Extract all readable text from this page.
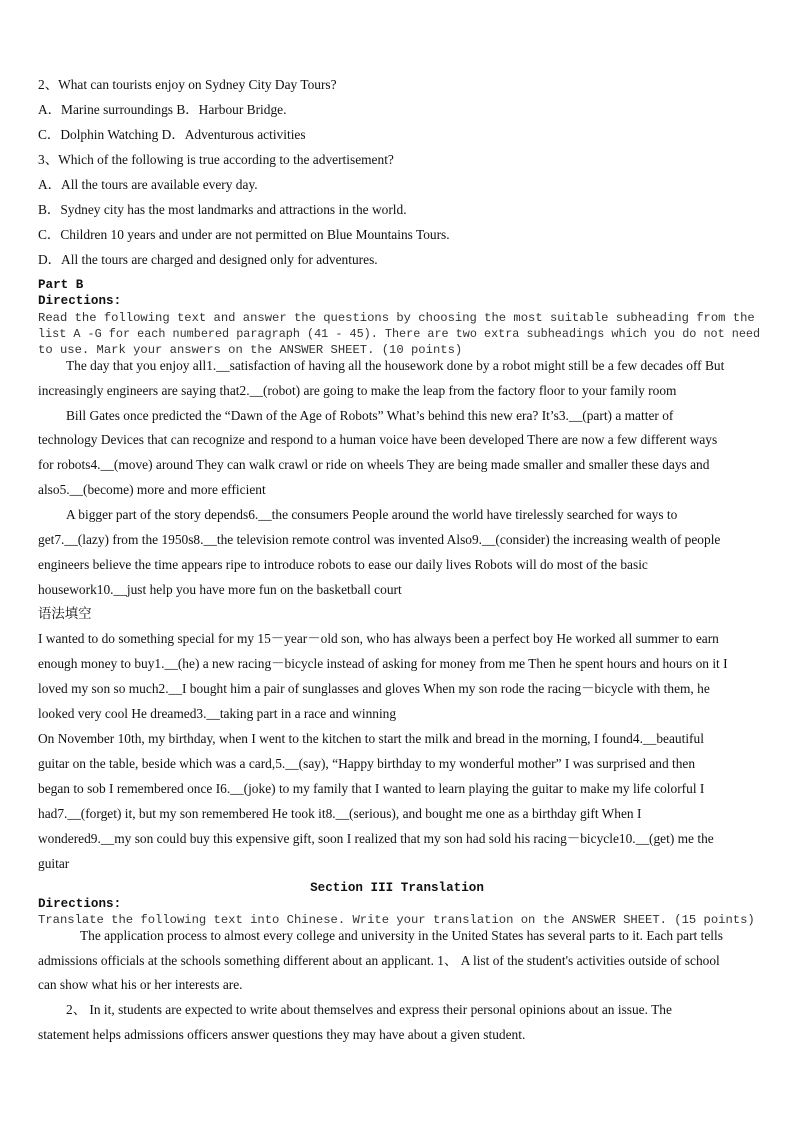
2、What can tourists enjoy on Sydney City Day Tours?
A．Marine surroundings B．Harbour Bridge.
C．Dolphin Watching D．Adventurous activities
3、Which of the following is true according to the advertisement?
A．All the tours are available every day.
B．Sydney city has the most landmarks and attractions in the world.
C．Children 10 years and under are not permitted on Blue Mountains Tours.
D．All the tours are charged and designed only for adventures.
Part B
Directions:
Read the following text and answer the questions by choosing the most suitable subheading from the
list A -G for each numbered paragraph (41 - 45). There are two extra subheadings which you do not need
to use. Mark your answers on the ANSWER SHEET. (10 points)
The day that you enjoy all1.__satisfaction of having all the housework done by a robot might still be a few decades off But
increasingly engineers are saying that2.__(robot) are going to make the leap from the factory floor to your family room
Bill Gates once predicted the “Dawn of the Age of Robots” What’s behind this new era? It’s3.__(part) a matter of
technology Devices that can recognize and respond to a human voice have been developed There are now a few different ways
for robots4.__(move) around They can walk crawl or ride on wheels They are being made smaller and smaller these days and
also5.__(become) more and more efficient
A bigger part of the story depends6.__the consumers People around the world have tirelessly searched for ways to
get7.__(lazy) from the 1950s8.__the television remote control was invented Also9.__(consider) the increasing wealth of people
engineers believe the time appears ripe to introduce robots to ease our daily lives Robots will do most of the basic
housework10.__just help you have more fun on the basketball court
语法填空
I wanted to do something special for my 15－year－old son, who has always been a perfect boy He worked all summer to earn
enough money to buy1.__(he) a new racing－bicycle instead of asking for money from me Then he spent hours and hours on it I
loved my son so much2.__I bought him a pair of sunglasses and gloves When my son rode the racing－bicycle with them, he
looked very cool He dreamed3.__taking part in a race and winning
On November 10th, my birthday, when I went to the kitchen to start the milk and bread in the morning, I found4.__beautiful
guitar on the table, beside which was a card,5.__(say), “Happy birthday to my wonderful mother” I was surprised and then
began to sob I remembered once I6.__(joke) to my family that I wanted to learn playing the guitar to make my life colorful I
had7.__(forget) it, but my son remembered He took it8.__(serious), and bought me one as a birthday gift When I
wondered9.__my son could buy this expensive gift, soon I realized that my son had sold his racing－bicycle10.__(get) me the
guitar
Section III Translation
Directions:
Translate the following text into Chinese. Write your translation on the ANSWER SHEET. (15 points)
The application process to almost every college and university in the United States has several parts to it. Each part tells
admissions officials at the schools something different about an applicant. 1、 A list of the student's activities outside of school
can show what his or her interests are.
2、 In it, students are expected to write about themselves and express their personal opinions about an issue. The
statement helps admissions officers answer questions they may have about a given student.
